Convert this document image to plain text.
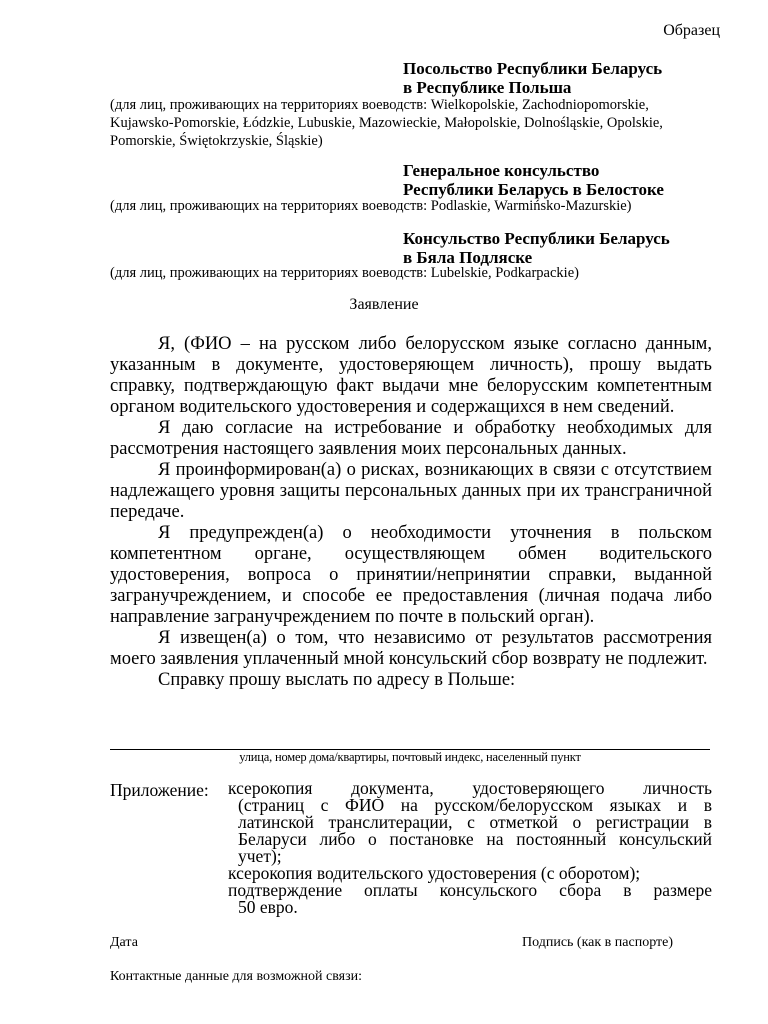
Образец
Посольство Республики Беларусь
в Республике Польша
(для лиц, проживающих на территориях воеводств: Wielkopolskie, Zachodniopomorskie, Kujawsko-Pomorskie, Łódzkie, Lubuskie, Mazowieckie, Małopolskie, Dolnośląskie, Opolskie, Pomorskie, Świętokrzyskie, Śląskie)
Генеральное консульство
Республики Беларусь в Белостоке
(для лиц, проживающих на территориях воеводств: Podlaskie, Warmińsko-Mazurskie)
Консульство Республики Беларусь
в Бяла Подляске
(для лиц, проживающих на территориях воеводств: Lubelskie, Podkarpackie)
Заявление

Я, (ФИО – на русском либо белорусском языке согласно данным, указанным в документе, удостоверяющем личность), прошу выдать справку, подтверждающую факт выдачи мне белорусским компетентным органом водительского удостоверения и содержащихся в нем сведений.

Я даю согласие на истребование и обработку необходимых для рассмотрения настоящего заявления моих персональных данных.

Я проинформирован(а) о рисках, возникающих в связи с отсутствием надлежащего уровня защиты персональных данных при их трансграничной передаче.

Я предупрежден(а) о необходимости уточнения в польском компетентном органе, осуществляющем обмен водительского удостоверения, вопроса о принятии/непринятии справки, выданной загранучреждением, и способе ее предоставления (личная подача либо направление загранучреждением по почте в польский орган).

Я извещен(а) о том, что независимо от результатов рассмотрения моего заявления уплаченный мной консульский сбор возврату не подлежит.

Справку прошу выслать по адресу в Польше:

улица, номер дома/квартиры, почтовый индекс, населенный пункт
Приложение: ксерокопия документа, удостоверяющего личность
(страниц с ФИО на русском/белорусском языках и в
латинской транслитерации, с отметкой о регистрации в
Беларуси либо о постановке на постоянный консульский
учет);
ксерокопия водительского удостоверения (с оборотом);
подтверждение оплаты консульского сбора в размере
50 евро.
Дата	Подпись (как в паспорте)
Контактные данные для возможной связи:
